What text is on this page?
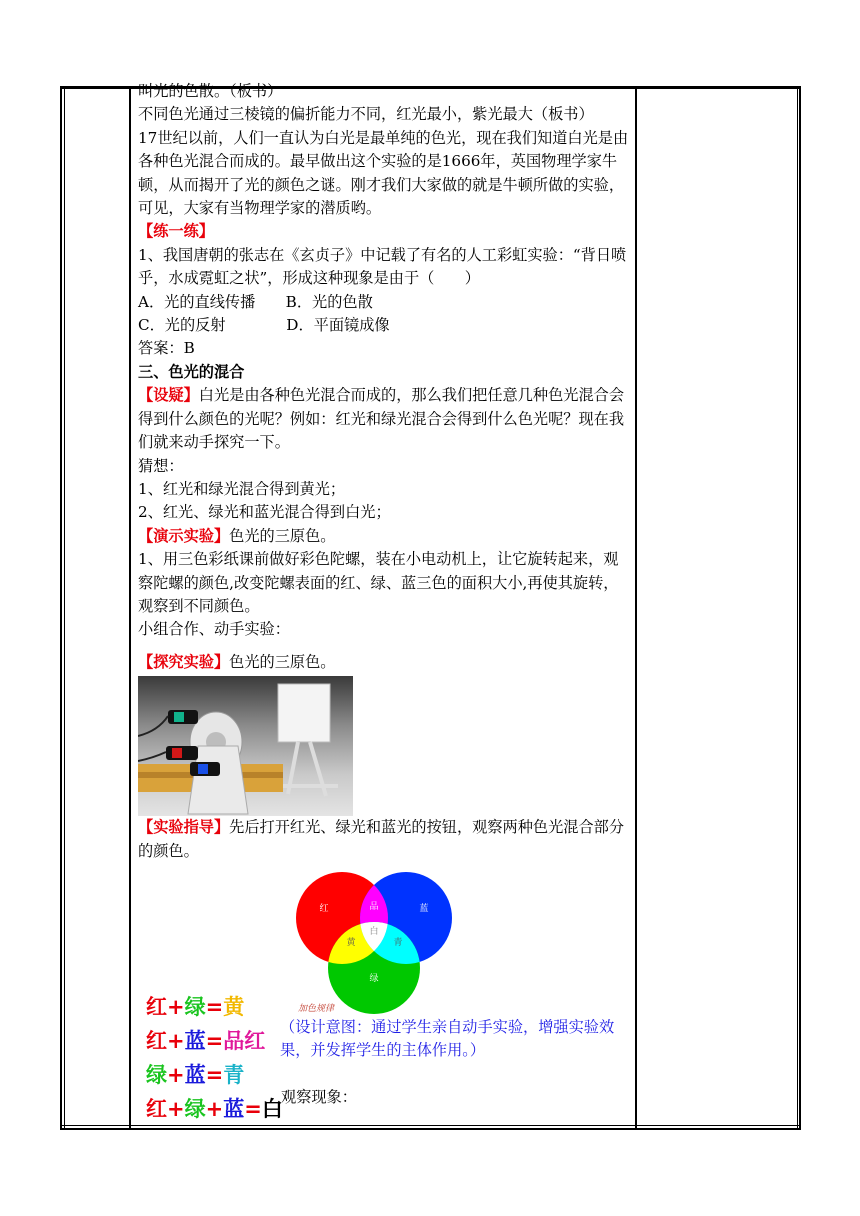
叫光的色散。（板书）

不同色光通过三棱镜的偏折能力不同，红光最小，紫光最大（板书）

17世纪以前，人们一直认为白光是最单纯的色光，现在我们知道白光是由各种色光混合而成的。最早做出这个实验的是1666年，英国物理学家牛顿，从而揭开了光的颜色之谜。刚才我们大家做的就是牛顿所做的实验，可见，大家有当物理学家的潜质哟。

【练一练】

1、我国唐朝的张志在《玄贞子》中记载了有名的人工彩虹实验：“背日喷乎，水成霓虹之状”，形成这种现象是由于（　　）

A．光的直线传播　　B．光的色散

C．光的反射　　　　D．平面镜成像

答案：B

三、色光的混合

【设疑】白光是由各种色光混合而成的，那么我们把任意几种色光混合会得到什么颜色的光呢？例如：红光和绿光混合会得到什么色光呢？现在我们就来动手探究一下。

猜想：

1、红光和绿光混合得到黄光；

2、红光、绿光和蓝光混合得到白光；

【演示实验】色光的三原色。

1、用三色彩纸课前做好彩色陀螺，装在小电动机上，让它旋转起来，观察陀螺的颜色,改变陀螺表面的红、绿、蓝三色的面积大小,再使其旋转，观察到不同颜色。

小组合作、动手实验：

【探究实验】色光的三原色。

【实验指导】先后打开红光、绿光和蓝光的按钮，观察两种色光混合部分的颜色。

红	品	蓝
黄
白
青
绿
加色规律
红+绿=黄
红+蓝=品红
绿+蓝=青
红+绿+蓝=白
（设计意图：通过学生亲自动手实验，增强实验效果，并发挥学生的主体作用。）
观察现象：
